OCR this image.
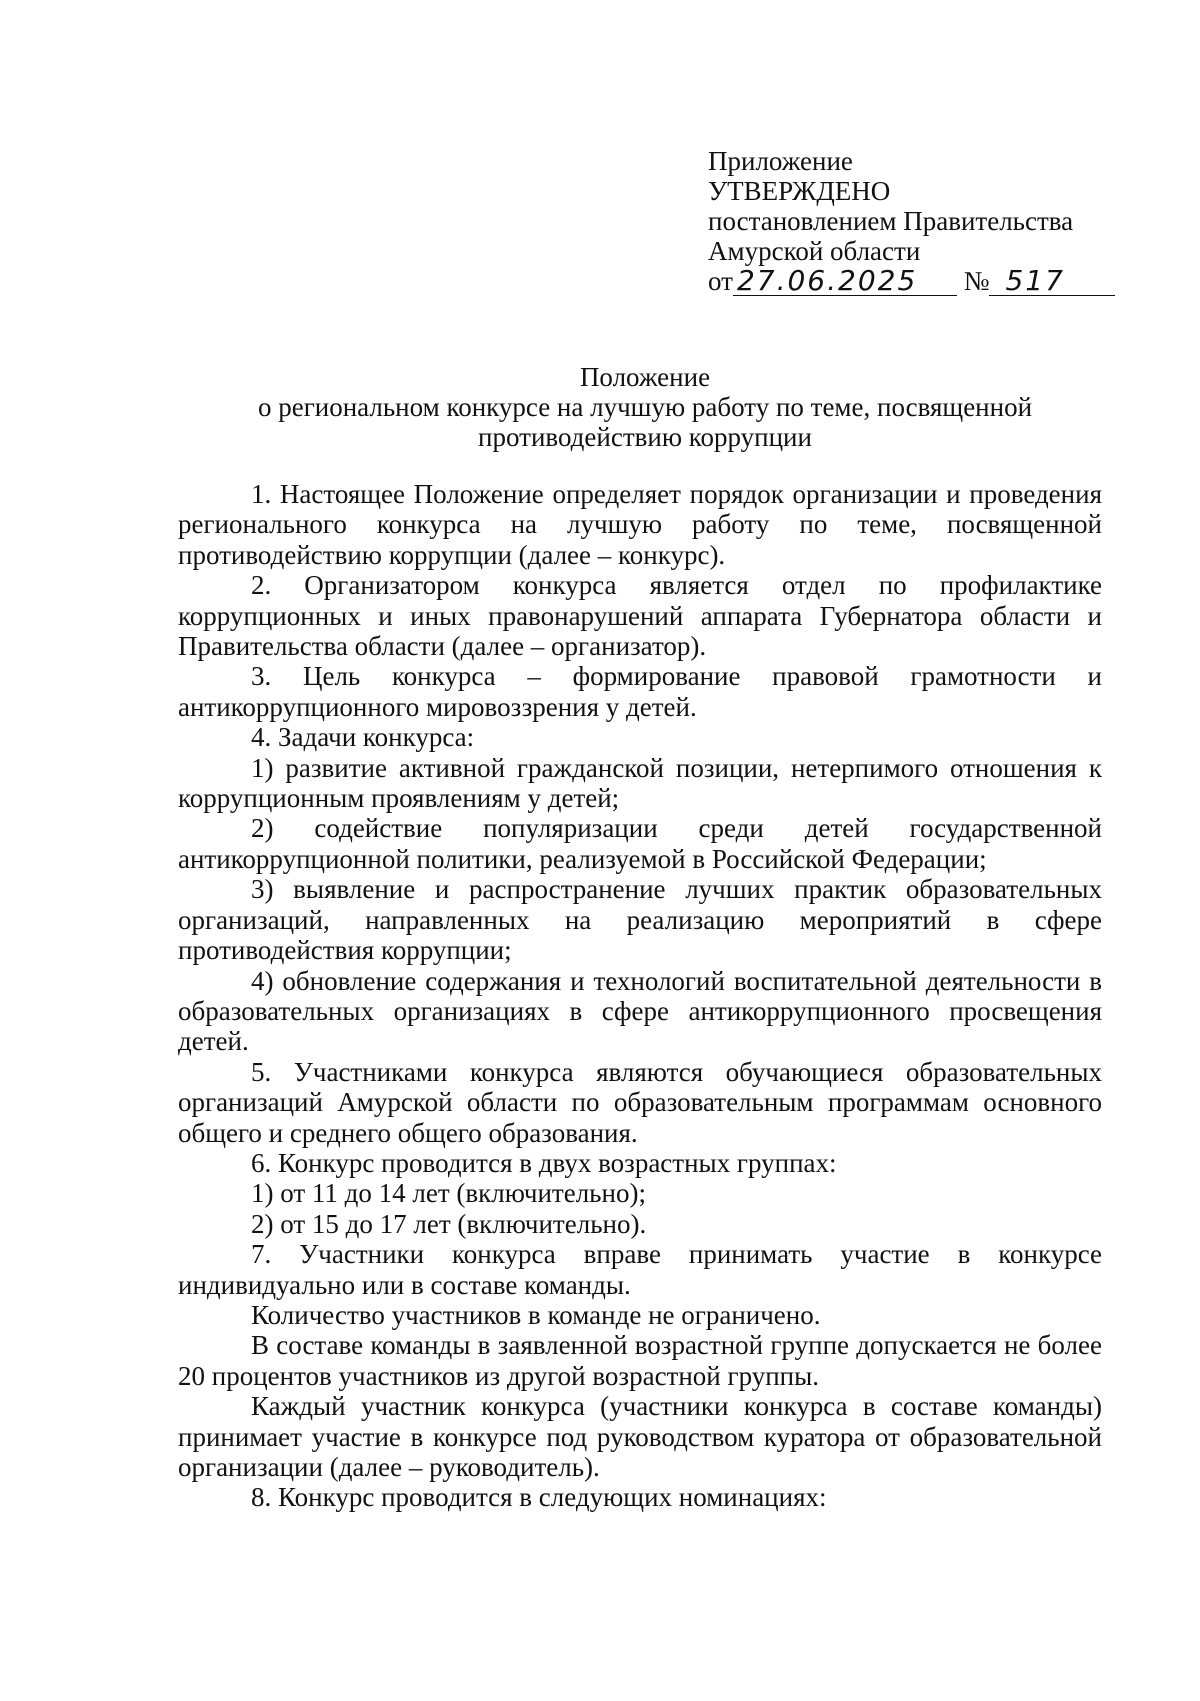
Приложение
УТВЕРЖДЕНО
постановлением Правительства
Амурской области
от 27.06.2025 № 517
Положение
о региональном конкурсе на лучшую работу по теме, посвященной
противодействию коррупции

1. Настоящее Положение определяет порядок организации и проведения регионального конкурса на лучшую работу по теме, посвященной противодействию коррупции (далее – конкурс).

2. Организатором конкурса является отдел по профилактике коррупционных и иных правонарушений аппарата Губернатора области и Правительства области (далее – организатор).

3. Цель конкурса – формирование правовой грамотности и антикоррупционного мировоззрения у детей.

4. Задачи конкурса:

1) развитие активной гражданской позиции, нетерпимого отношения к коррупционным проявлениям у детей;

2) содействие популяризации среди детей государственной антикоррупционной политики, реализуемой в Российской Федерации;

3) выявление и распространение лучших практик образовательных организаций, направленных на реализацию мероприятий в сфере противодействия коррупции;

4) обновление содержания и технологий воспитательной деятельности в образовательных организациях в сфере антикоррупционного просвещения детей.

5. Участниками конкурса являются обучающиеся образовательных организаций Амурской области по образовательным программам основного общего и среднего общего образования.

6. Конкурс проводится в двух возрастных группах:

1) от 11 до 14 лет (включительно);

2) от 15 до 17 лет (включительно).

7. Участники конкурса вправе принимать участие в конкурсе индивидуально или в составе команды.

Количество участников в команде не ограничено.

В составе команды в заявленной возрастной группе допускается не более 20 процентов участников из другой возрастной группы.

Каждый участник конкурса (участники конкурса в составе команды) принимает участие в конкурсе под руководством куратора от образовательной организации (далее – руководитель).

8. Конкурс проводится в следующих номинациях:
